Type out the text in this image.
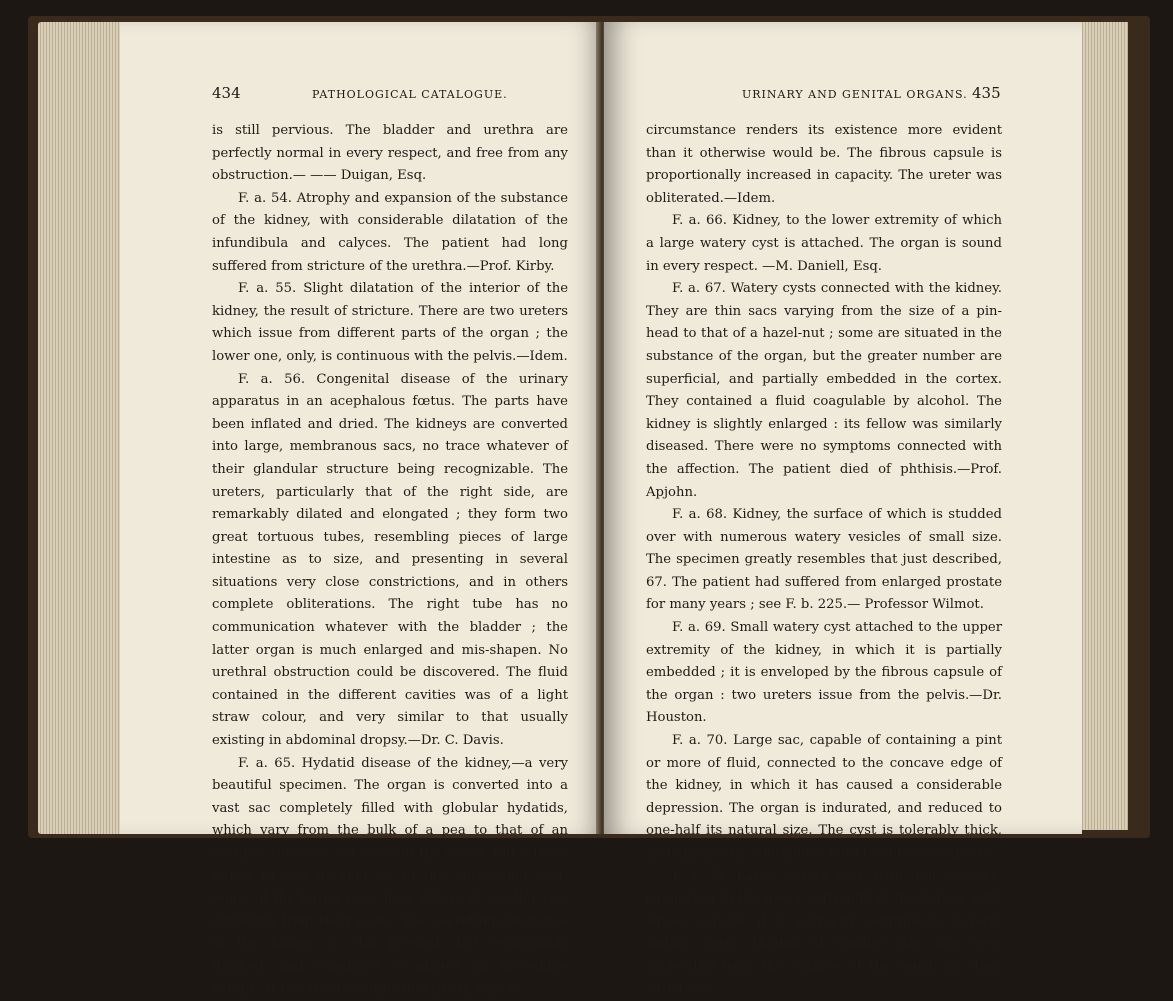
434	PATHOLOGICAL CATALOGUE.

is still pervious. The bladder and urethra are perfectly normal in every respect, and free from any obstruction.— —— Duigan, Esq.

F. a. 54. Atrophy and expansion of the substance of the kidney, with considerable dilatation of the infundibula and calyces. The patient had long suffered from stricture of the urethra.—Prof. Kirby.

F. a. 55. Slight dilatation of the interior of the kidney, the result of stricture. There are two ureters which issue from different parts of the organ ; the lower one, only, is continuous with the pelvis.—Idem.

F. a. 56. Congenital disease of the urinary apparatus in an acephalous fœtus. The parts have been inflated and dried. The kidneys are converted into large, membranous sacs, no trace whatever of their glandular structure being recognizable. The ureters, particularly that of the right side, are remarkably dilated and elongated ; they form two great tortuous tubes, resembling pieces of large intestine as to size, and presenting in several situations very close constrictions, and in others complete obliterations. The right tube has no communication whatever with the bladder ; the latter organ is much enlarged and mis-shapen. No urethral obstruction could be discovered. The fluid contained in the different cavities was of a light straw colour, and very similar to that usually existing in abdominal dropsy.—Dr. C. Davis.

F. a. 65. Hydatid disease of the kidney,—a very beautiful specimen. The organ is converted into a vast sac completely filled with globular hydatids, which vary from the bulk of a pea to that of an orange. They are not loose in the cavity, but adhere either to one another or to the enveloping cyst. Some of the larger ones have others of smaller size sprouting from their coats. The secreting substance of the kidney is still present, but remarkably thinned, and expanded to almost an incredible extent ; it has received injection freely, which

URINARY AND GENITAL ORGANS. 435

circumstance renders its existence more evident than it otherwise would be. The fibrous capsule is proportionally increased in capacity. The ureter was obliterated.—Idem.

F. a. 66. Kidney, to the lower extremity of which a large watery cyst is attached. The organ is sound in every respect. —M. Daniell, Esq.

F. a. 67. Watery cysts connected with the kidney. They are thin sacs varying from the size of a pin-head to that of a hazel-nut ; some are situated in the substance of the organ, but the greater number are superficial, and partially embedded in the cortex. They contained a fluid coagulable by alcohol. The kidney is slightly enlarged : its fellow was similarly diseased. There were no symptoms connected with the affection. The patient died of phthisis.—Prof. Apjohn.

F. a. 68. Kidney, the surface of which is studded over with numerous watery vesicles of small size. The specimen greatly resembles that just described, 67. The patient had suffered from enlarged prostate for many years ; see F. b. 225.— Professor Wilmot.

F. a. 69. Small watery cyst attached to the upper extremity of the kidney, in which it is partially embedded ; it is enveloped by the fibrous capsule of the organ : two ureters issue from the pelvis.—Dr. Houston.

F. a. 70. Large sac, capable of containing a pint or more of fluid, connected to the concave edge of the kidney, in which it has caused a considerable depression. The organ is indurated, and reduced to one-half its natural size. The cyst is tolerably thick, and apparently continuous with the fibrous capsule.

F. a. 71. Large watery cyst, with thin parietes, connected to the lower extremity of the kidney, with whose capsule it is perfectly continuous. Several similar cysts, though of smaller size, are seen projecting from the surface of the organ in other situations.
